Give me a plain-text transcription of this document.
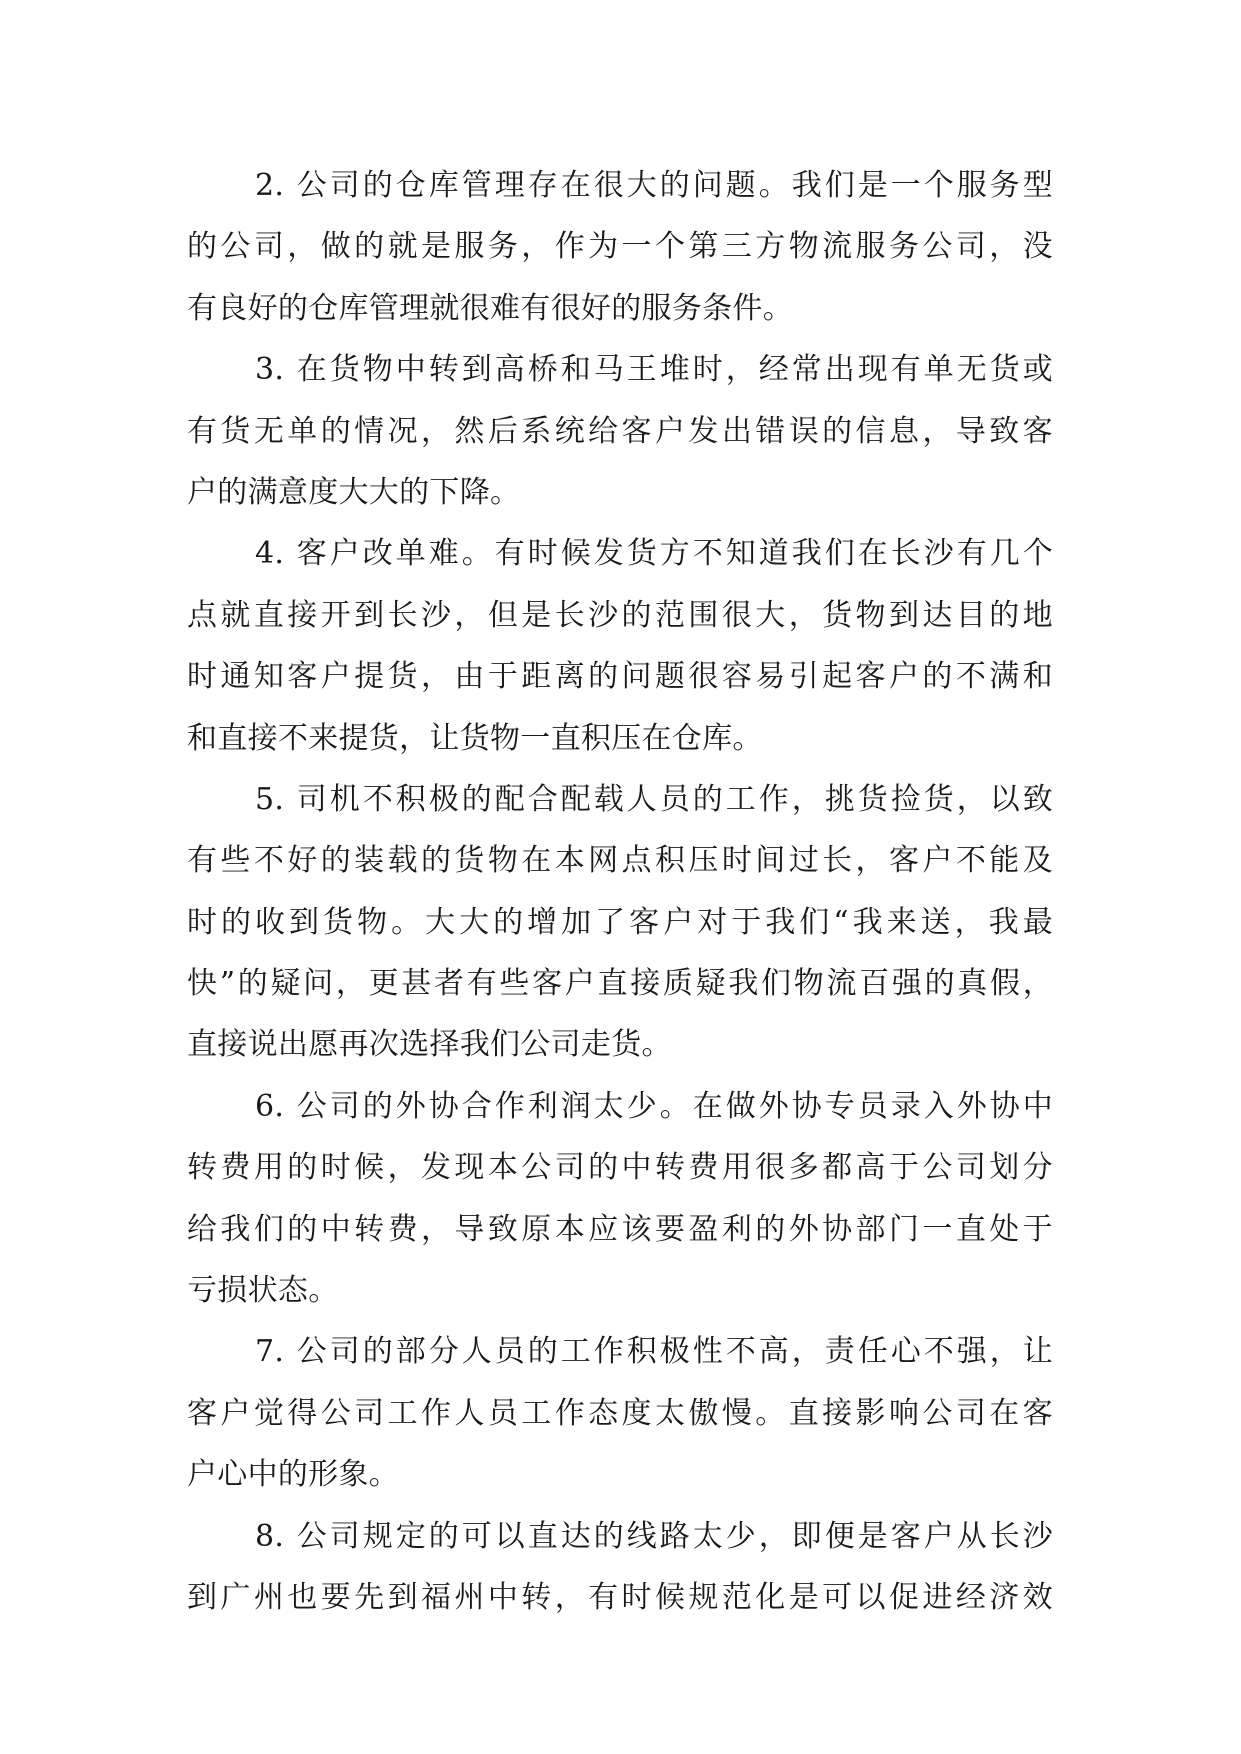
2. 公司的仓库管理存在很大的问题。我们是一个服务型
的公司，做的就是服务，作为一个第三方物流服务公司，没
有良好的仓库管理就很难有很好的服务条件。
3. 在货物中转到高桥和马王堆时，经常出现有单无货或
有货无单的情况，然后系统给客户发出错误的信息，导致客
户的满意度大大的下降。
4. 客户改单难。有时候发货方不知道我们在长沙有几个
点就直接开到长沙，但是长沙的范围很大，货物到达目的地
时通知客户提货，由于距离的问题很容易引起客户的不满和
和直接不来提货，让货物一直积压在仓库。
5. 司机不积极的配合配载人员的工作，挑货捡货，以致
有些不好的装载的货物在本网点积压时间过长，客户不能及
时的收到货物。大大的增加了客户对于我们“我来送，我最
快”的疑问，更甚者有些客户直接质疑我们物流百强的真假，
直接说出愿再次选择我们公司走货。
6. 公司的外协合作利润太少。在做外协专员录入外协中
转费用的时候，发现本公司的中转费用很多都高于公司划分
给我们的中转费，导致原本应该要盈利的外协部门一直处于
亏损状态。
7. 公司的部分人员的工作积极性不高，责任心不强，让
客户觉得公司工作人员工作态度太傲慢。直接影响公司在客
户心中的形象。
8. 公司规定的可以直达的线路太少，即便是客户从长沙
到广州也要先到福州中转，有时候规范化是可以促进经济效
